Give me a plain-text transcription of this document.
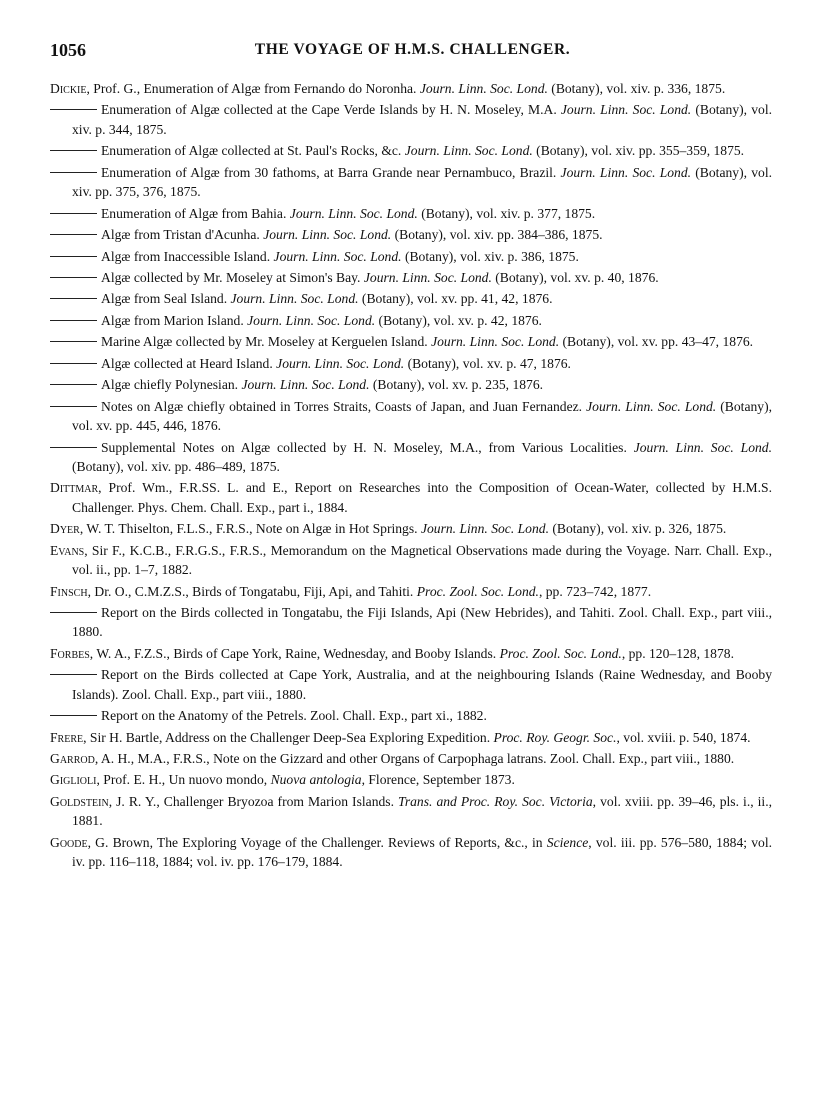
1056	THE VOYAGE OF H.M.S. CHALLENGER.
Dickie, Prof. G., Enumeration of Algæ from Fernando do Noronha. Journ. Linn. Soc. Lond. (Botany), vol. xiv. p. 336, 1875.
Enumeration of Algæ collected at the Cape Verde Islands by H. N. Moseley, M.A. Journ. Linn. Soc. Lond. (Botany), vol. xiv. p. 344, 1875.
Enumeration of Algæ collected at St. Paul's Rocks, &c. Journ. Linn. Soc. Lond. (Botany), vol. xiv. pp. 355–359, 1875.
Enumeration of Algæ from 30 fathoms, at Barra Grande near Pernambuco, Brazil. Journ. Linn. Soc. Lond. (Botany), vol. xiv. pp. 375, 376, 1875.
Enumeration of Algæ from Bahia. Journ. Linn. Soc. Lond. (Botany), vol. xiv. p. 377, 1875.
Algæ from Tristan d'Acunha. Journ. Linn. Soc. Lond. (Botany), vol. xiv. pp. 384–386, 1875.
Algæ from Inaccessible Island. Journ. Linn. Soc. Lond. (Botany), vol. xiv. p. 386, 1875.
Algæ collected by Mr. Moseley at Simon's Bay. Journ. Linn. Soc. Lond. (Botany), vol. xv. p. 40, 1876.
Algæ from Seal Island. Journ. Linn. Soc. Lond. (Botany), vol. xv. pp. 41, 42, 1876.
Algæ from Marion Island. Journ. Linn. Soc. Lond. (Botany), vol. xv. p. 42, 1876.
Marine Algæ collected by Mr. Moseley at Kerguelen Island. Journ. Linn. Soc. Lond. (Botany), vol. xv. pp. 43–47, 1876.
Algæ collected at Heard Island. Journ. Linn. Soc. Lond. (Botany), vol. xv. p. 47, 1876.
Algæ chiefly Polynesian. Journ. Linn. Soc. Lond. (Botany), vol. xv. p. 235, 1876.
Notes on Algæ chiefly obtained in Torres Straits, Coasts of Japan, and Juan Fernandez. Journ. Linn. Soc. Lond. (Botany), vol. xv. pp. 445, 446, 1876.
Supplemental Notes on Algæ collected by H. N. Moseley, M.A., from Various Localities. Journ. Linn. Soc. Lond. (Botany), vol. xiv. pp. 486–489, 1875.
Dittmar, Prof. Wm., F.R.SS. L. and E., Report on Researches into the Composition of Ocean-Water, collected by H.M.S. Challenger. Phys. Chem. Chall. Exp., part i., 1884.
Dyer, W. T. Thiselton, F.L.S., F.R.S., Note on Algæ in Hot Springs. Journ. Linn. Soc. Lond. (Botany), vol. xiv. p. 326, 1875.
Evans, Sir F., K.C.B., F.R.G.S., F.R.S., Memorandum on the Magnetical Observations made during the Voyage. Narr. Chall. Exp., vol. ii., pp. 1–7, 1882.
Finsch, Dr. O., C.M.Z.S., Birds of Tongatabu, Fiji, Api, and Tahiti. Proc. Zool. Soc. Lond., pp. 723–742, 1877.
Report on the Birds collected in Tongatabu, the Fiji Islands, Api (New Hebrides), and Tahiti. Zool. Chall. Exp., part viii., 1880.
Forbes, W. A., F.Z.S., Birds of Cape York, Raine, Wednesday, and Booby Islands. Proc. Zool. Soc. Lond., pp. 120–128, 1878.
Report on the Birds collected at Cape York, Australia, and at the neighbouring Islands (Raine Wednesday, and Booby Islands). Zool. Chall. Exp., part viii., 1880.
Report on the Anatomy of the Petrels. Zool. Chall. Exp., part xi., 1882.
Frere, Sir H. Bartle, Address on the Challenger Deep-Sea Exploring Expedition. Proc. Roy. Geogr. Soc., vol. xviii. p. 540, 1874.
Garrod, A. H., M.A., F.R.S., Note on the Gizzard and other Organs of Carpophaga latrans. Zool. Chall. Exp., part viii., 1880.
Giglioli, Prof. E. H., Un nuovo mondo, Nuova antologia, Florence, September 1873.
Goldstein, J. R. Y., Challenger Bryozoa from Marion Islands. Trans. and Proc. Roy. Soc. Victoria, vol. xviii. pp. 39–46, pls. i., ii., 1881.
Goode, G. Brown, The Exploring Voyage of the Challenger. Reviews of Reports, &c., in Science, vol. iii. pp. 576–580, 1884; vol. iv. pp. 116–118, 1884; vol. iv. pp. 176–179, 1884.
